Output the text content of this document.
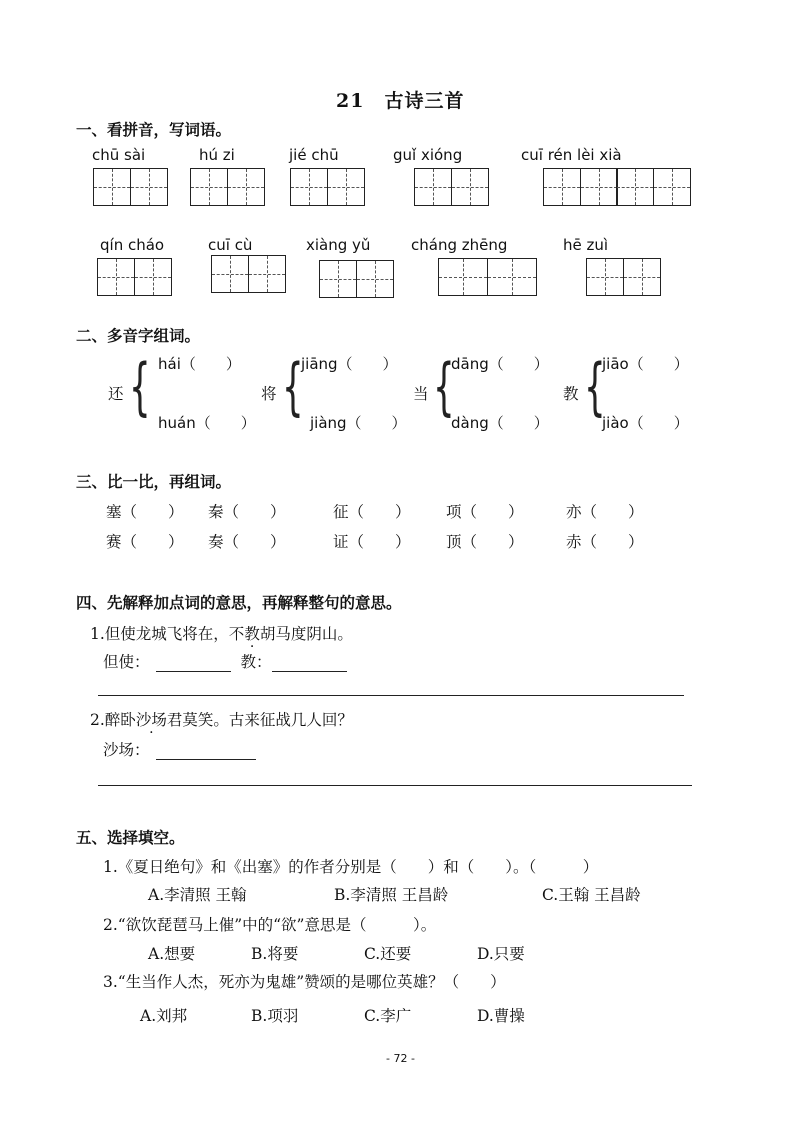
21　古诗三首
一、看拼音，写词语。
chū sài	hú zi	jié chū	guǐ xióng	cuī rén lèi xià
qín cháo	cuī cù	xiàng yǔ	cháng zhēng	hē zuì
二、多音字组词。
还 { hái（　　）
huán（　　）
将 {
jiāng（　　）
jiàng（　　）
当 {
dāng（　　）
dàng（　　）
教 {
jiāo（　　）
jiào（　　）
三、比一比，再组词。
塞（　　） 秦（　　）	征（　　） 项（　　）	亦（　　）
赛（　　） 奏（　　）	证（　　） 顶（　　）	赤（　　）
四、先解释加点词的意思，再解释整句的意思。
1.但使龙城飞将在，不教胡马度阴山。
但使：	教：
2.醉卧沙场君莫笑。古来征战几人回？
沙场：
五、选择填空。
1.《夏日绝句》和《出塞》的作者分别是（　　）和（　　）。（　　　）
A.李清照 王翰	B.李清照 王昌龄	C.王翰 王昌龄
2.“欲饮琵琶马上催”中的“欲”意思是（　　　）。
A.想要	B.将要	C.还要	D.只要
3.“生当作人杰，死亦为鬼雄”赞颂的是哪位英雄？（　　）
A.刘邦	B.项羽	C.李广	D.曹操
- 72 -
